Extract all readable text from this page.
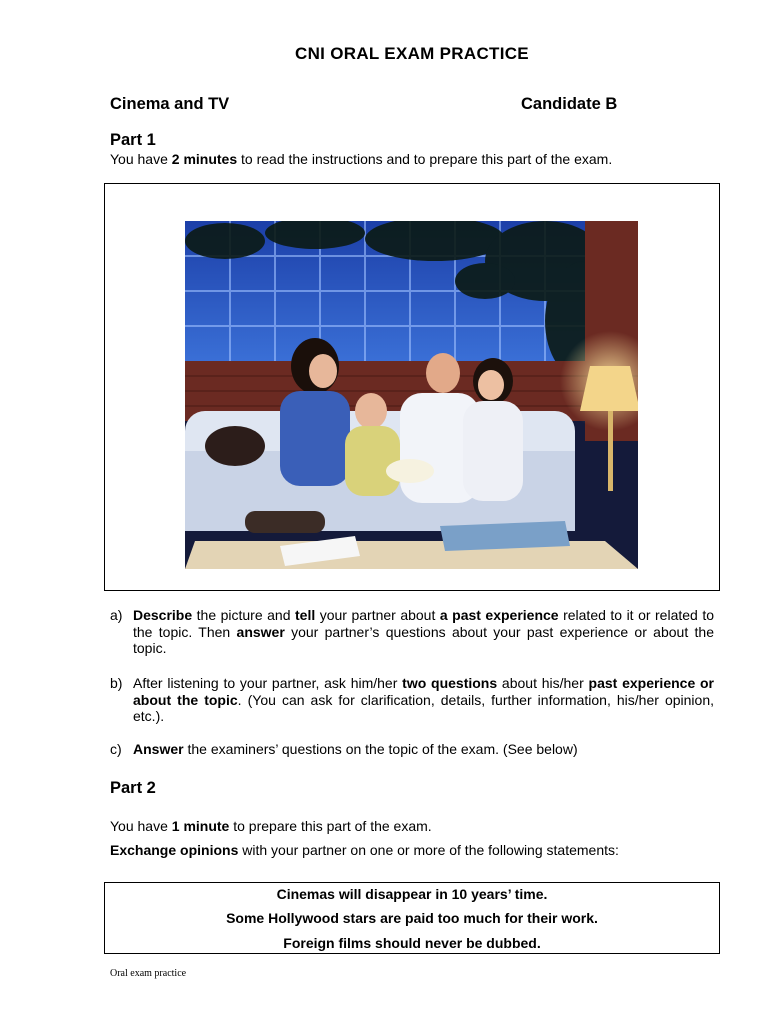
CNI ORAL EXAM PRACTICE
Cinema and TV	Candidate B
Part 1
You have 2 minutes to read the instructions and to prepare this part of the exam.
a) Describe the picture and tell your partner about a past experience related to it or related to the topic. Then answer your partner’s questions about your past experience or about the topic.
b) After listening to your partner, ask him/her two questions about his/her past experience or about the topic. (You can ask for clarification, details, further information, his/her opinion, etc.).
c) Answer the examiners’ questions on the topic of the exam. (See below)
Part 2
You have 1 minute to prepare this part of the exam.
Exchange opinions with your partner on one or more of the following statements:
Cinemas will disappear in 10 years’ time.
Some Hollywood stars are paid too much for their work.
Foreign films should never be dubbed.
Oral exam practice
